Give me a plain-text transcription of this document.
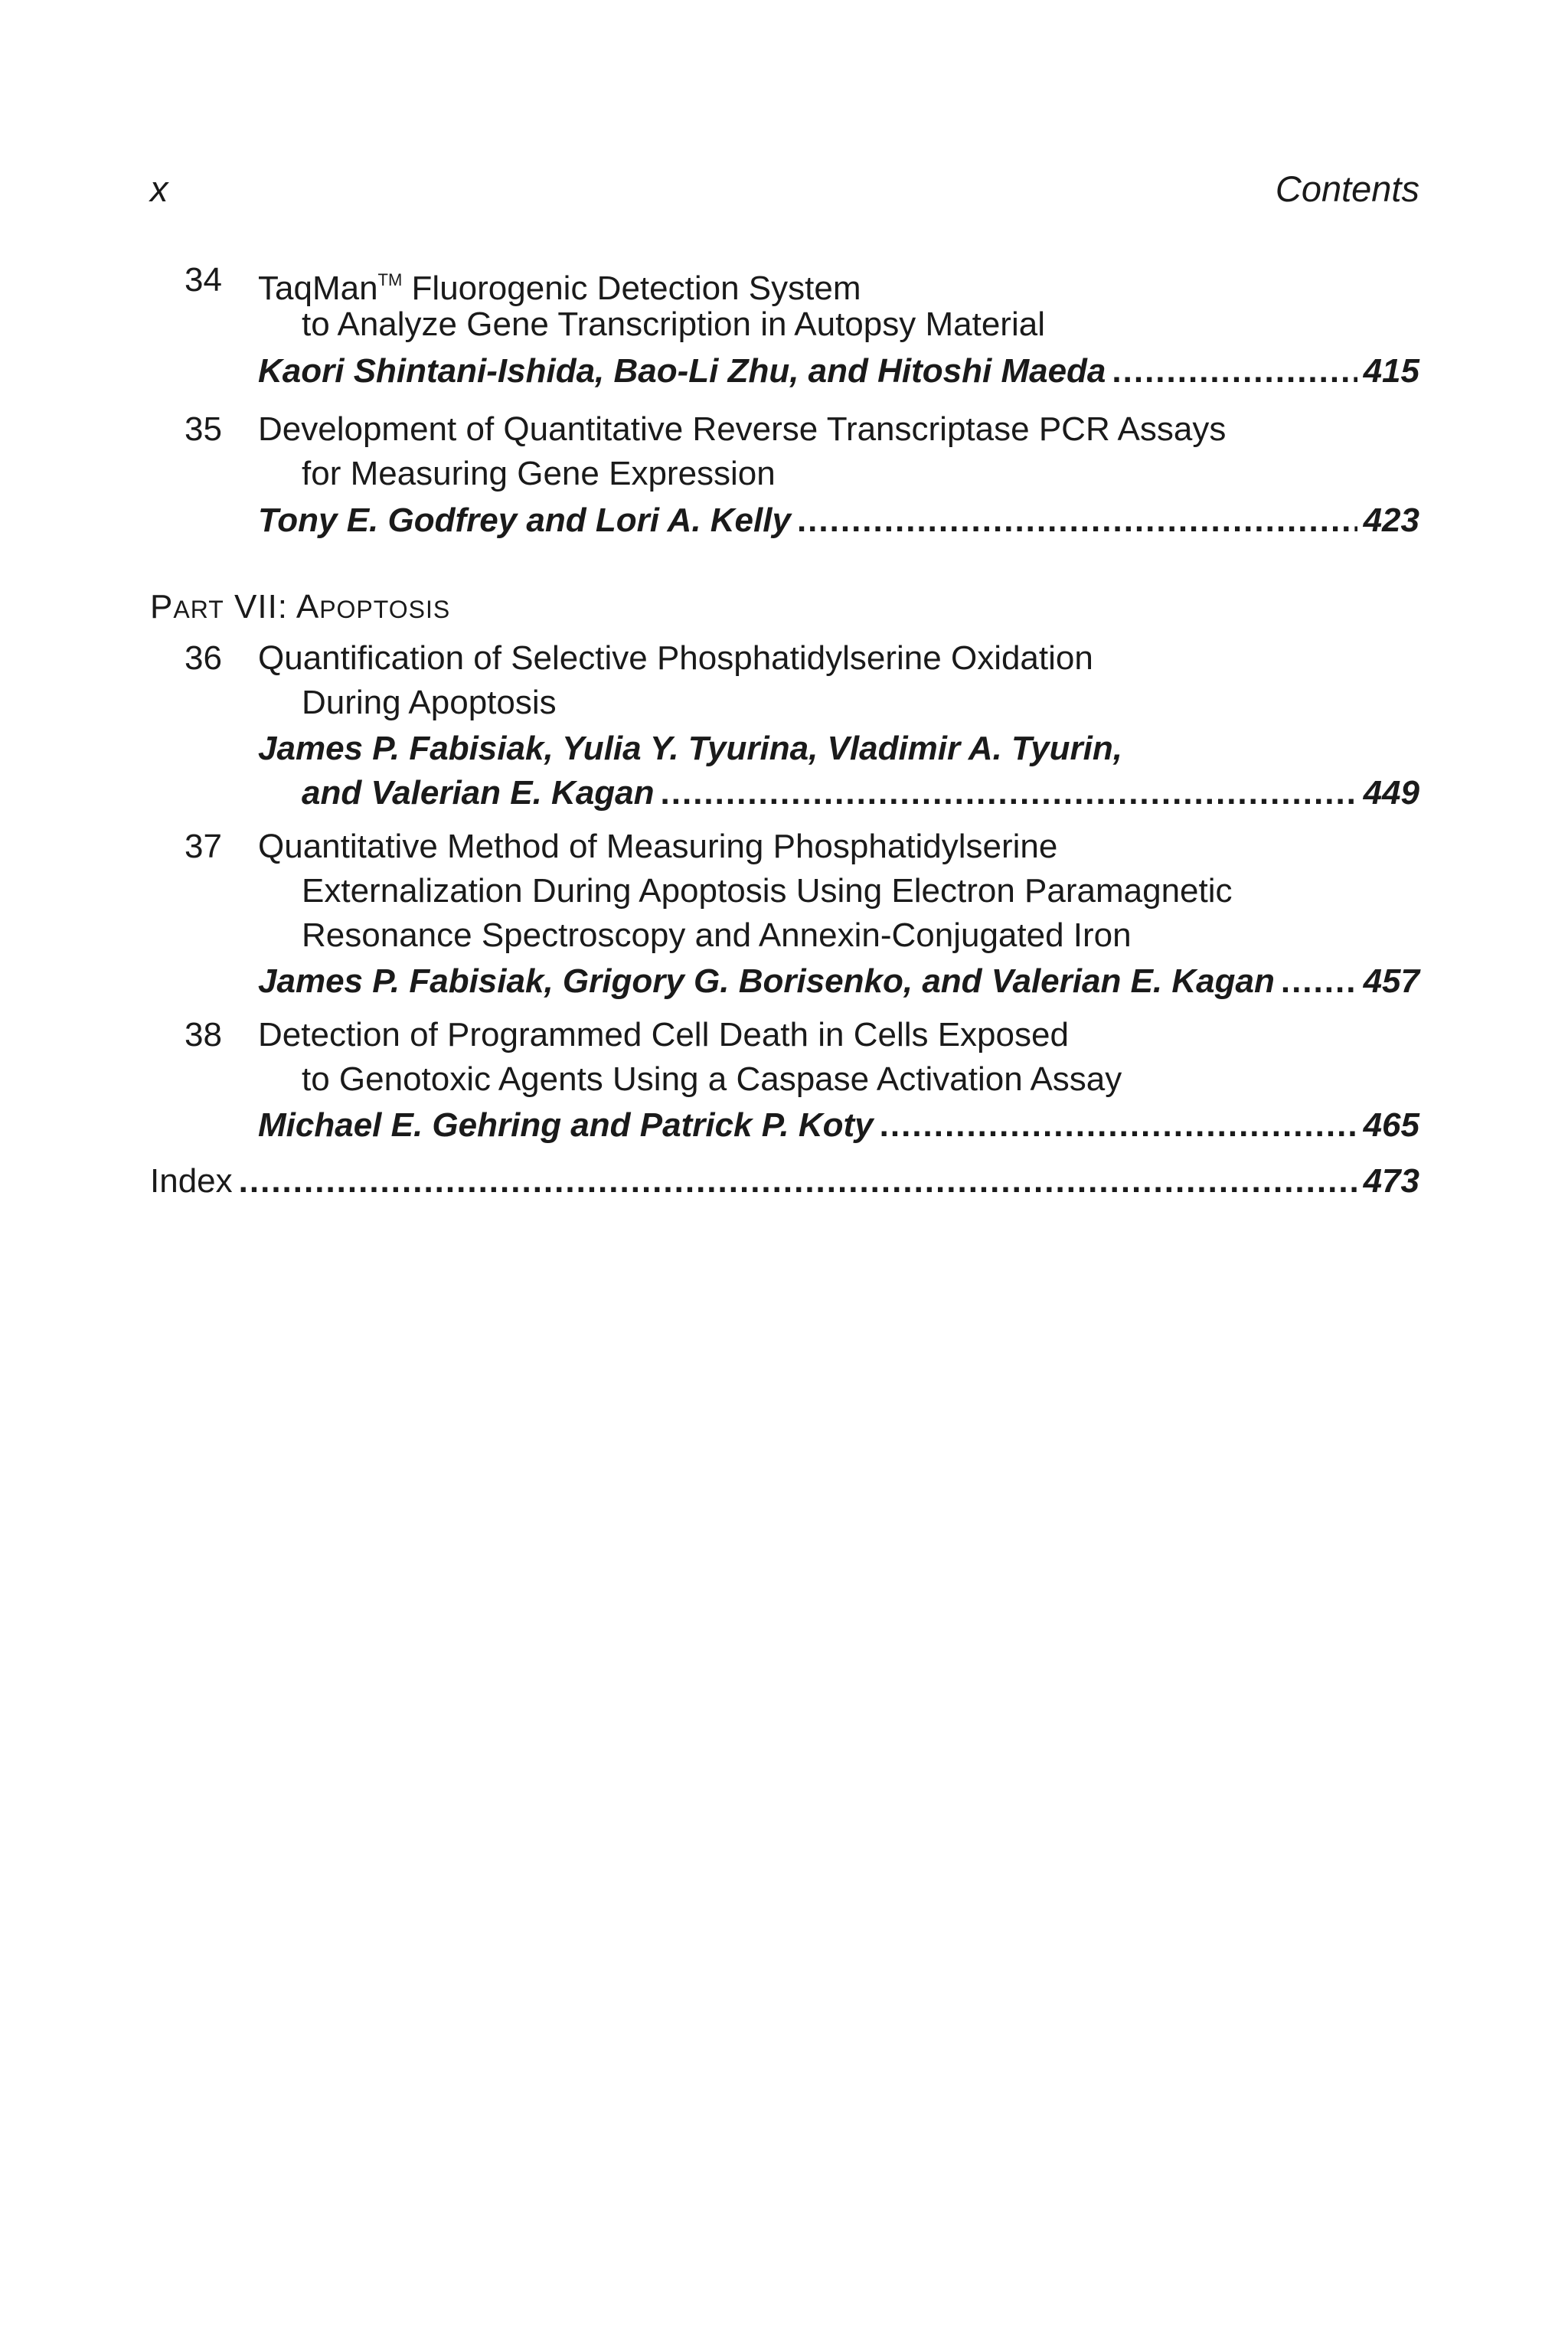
x	Contents
34 TaqMan™ Fluorogenic Detection System
to Analyze Gene Transcription in Autopsy Material
Kaori Shintani-Ishida, Bao-Li Zhu, and Hitoshi Maeda .....	415
35 Development of Quantitative Reverse Transcriptase PCR Assays
for Measuring Gene Expression
Tony E. Godfrey and Lori A. Kelly .....	423
PART VII: APOPTOSIS
36 Quantification of Selective Phosphatidylserine Oxidation
During Apoptosis
James P. Fabisiak, Yulia Y. Tyurina, Vladimir A. Tyurin,
and Valerian E. Kagan .....	449
37 Quantitative Method of Measuring Phosphatidylserine
Externalization During Apoptosis Using Electron Paramagnetic
Resonance Spectroscopy and Annexin-Conjugated Iron
James P. Fabisiak, Grigory G. Borisenko, and Valerian E. Kagan .....	457
38 Detection of Programmed Cell Death in Cells Exposed
to Genotoxic Agents Using a Caspase Activation Assay
Michael E. Gehring and Patrick P. Koty .....	465
Index .....	473
